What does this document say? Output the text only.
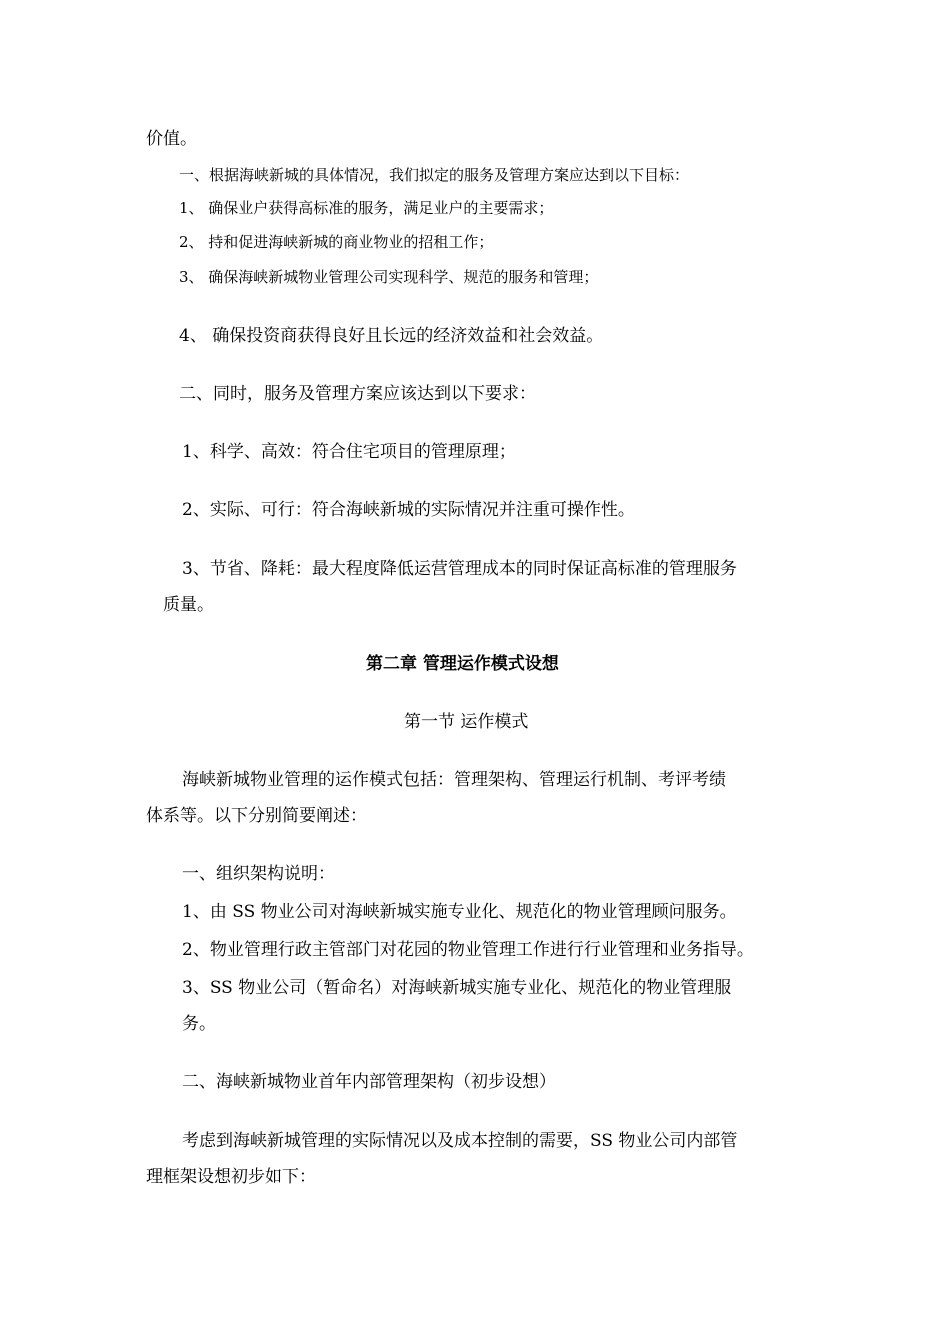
价值。
一、根据海峡新城的具体情况，我们拟定的服务及管理方案应达到以下目标：
1、 确保业户获得高标准的服务，满足业户的主要需求；
2、 持和促进海峡新城的商业物业的招租工作；
3、 确保海峡新城物业管理公司实现科学、规范的服务和管理；
4、 确保投资商获得良好且长远的经济效益和社会效益。
二、同时，服务及管理方案应该达到以下要求：
1、科学、高效：符合住宅项目的管理原理；
2、实际、可行：符合海峡新城的实际情况并注重可操作性。
3、节省、降耗：最大程度降低运营管理成本的同时保证高标准的管理服务
质量。
第二章 管理运作模式设想
第一节 运作模式
海峡新城物业管理的运作模式包括：管理架构、管理运行机制、考评考绩
体系等。以下分别简要阐述：
一、组织架构说明：
1、由 SS 物业公司对海峡新城实施专业化、规范化的物业管理顾问服务。
2、物业管理行政主管部门对花园的物业管理工作进行行业管理和业务指导。
3、SS 物业公司（暂命名）对海峡新城实施专业化、规范化的物业管理服
务。
二、海峡新城物业首年内部管理架构（初步设想）
考虑到海峡新城管理的实际情况以及成本控制的需要，SS 物业公司内部管
理框架设想初步如下：
